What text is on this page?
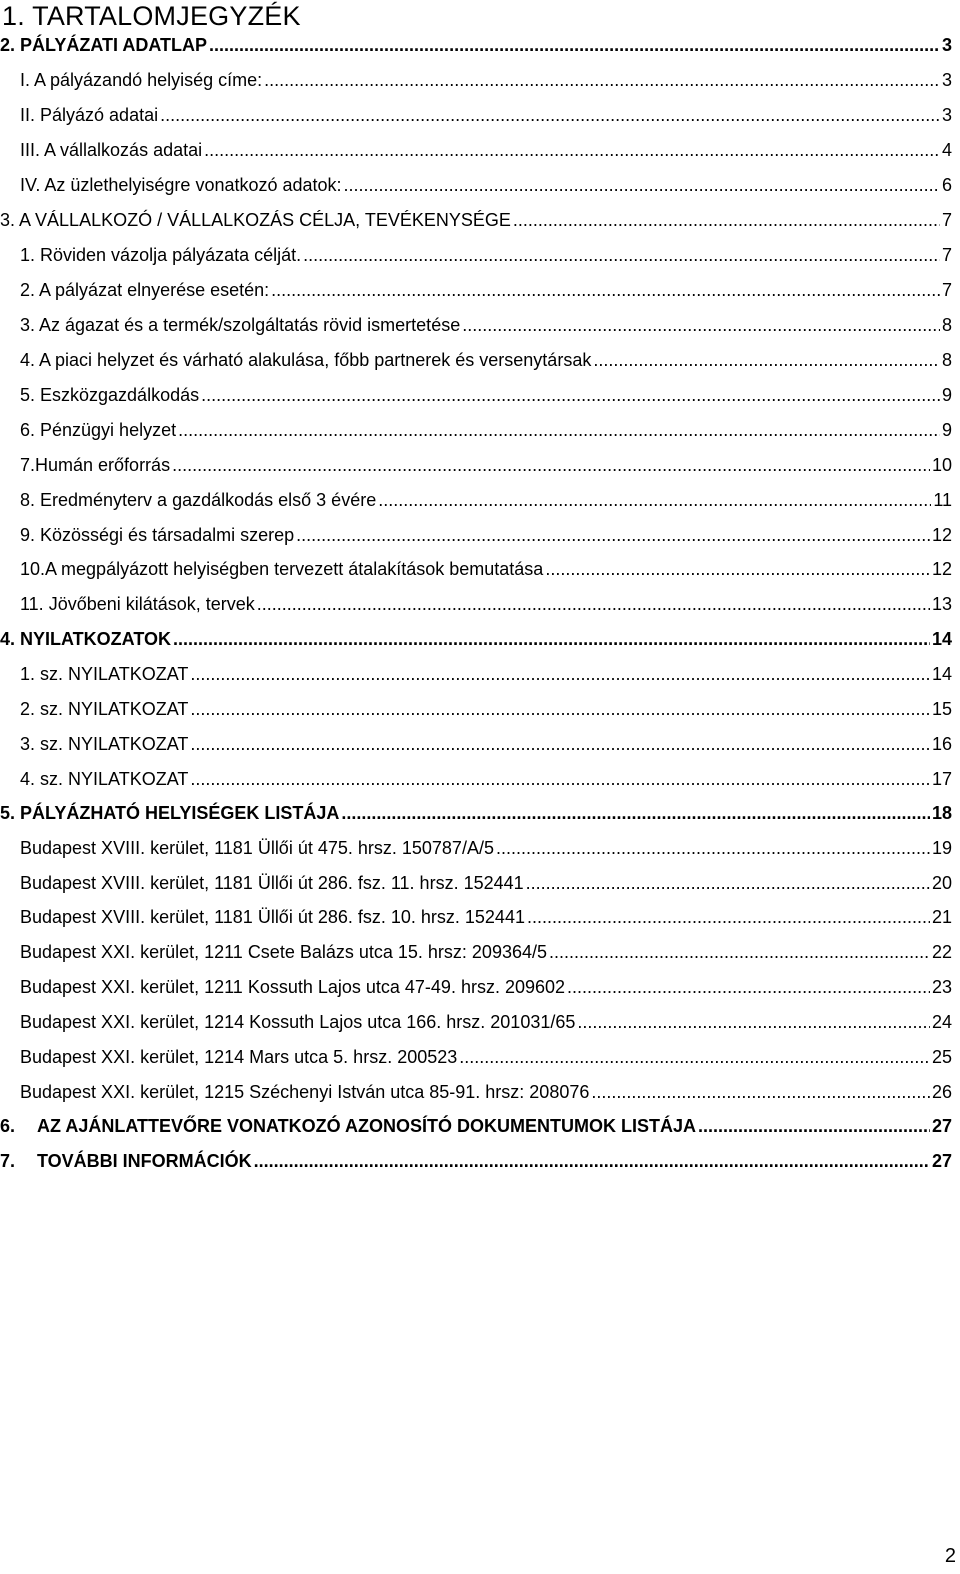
1. TARTALOMJEGYZÉK
2. PÁLYÁZATI ADATLAP .....	3
I. A pályázandó helyiség címe: .....	3
II. Pályázó adatai .....	3
III. A vállalkozás adatai .....	4
IV. Az üzlethelyiségre vonatkozó adatok: .....	6
3. A VÁLLALKOZÓ / VÁLLALKOZÁS CÉLJA, TEVÉKENYSÉGE .....	7
1. Röviden vázolja pályázata célját. .....	7
2. A pályázat elnyerése esetén: .....	7
3. Az ágazat és a termék/szolgáltatás rövid ismertetése .....	8
4. A piaci helyzet és várható alakulása, főbb partnerek és versenytársak .....	8
5. Eszközgazdálkodás .....	9
6. Pénzügyi helyzet .....	9
7.Humán erőforrás .....	10
8. Eredményterv a gazdálkodás első 3 évére .....	11
9. Közösségi és társadalmi szerep .....	12
10.A megpályázott helyiségben tervezett átalakítások bemutatása .....	12
11. Jövőbeni kilátások, tervek .....	13
4. NYILATKOZATOK .....	14
1. sz. NYILATKOZAT .....	14
2. sz. NYILATKOZAT .....	15
3. sz. NYILATKOZAT .....	16
4. sz. NYILATKOZAT .....	17
5. PÁLYÁZHATÓ HELYISÉGEK LISTÁJA .....	18
Budapest XVIII. kerület, 1181 Üllői út 475. hrsz. 150787/A/5 .....	19
Budapest XVIII. kerület, 1181 Üllői út 286. fsz. 11. hrsz. 152441 .....	20
Budapest XVIII. kerület, 1181 Üllői út 286. fsz. 10. hrsz. 152441 .....	21
Budapest XXI. kerület, 1211 Csete Balázs utca 15. hrsz: 209364/5 .....	22
Budapest XXI. kerület, 1211 Kossuth Lajos utca 47-49. hrsz. 209602 .....	23
Budapest XXI. kerület, 1214 Kossuth Lajos utca 166. hrsz. 201031/65 .....	24
Budapest XXI. kerület, 1214 Mars utca 5. hrsz. 200523 .....	25
Budapest XXI. kerület, 1215 Széchenyi István utca 85-91. hrsz: 208076 .....	26
6. AZ AJÁNLATTEVŐRE VONATKOZÓ AZONOSÍTÓ DOKUMENTUMOK LISTÁJA .....	27
7. TOVÁBBI INFORMÁCIÓK .....	27
2
